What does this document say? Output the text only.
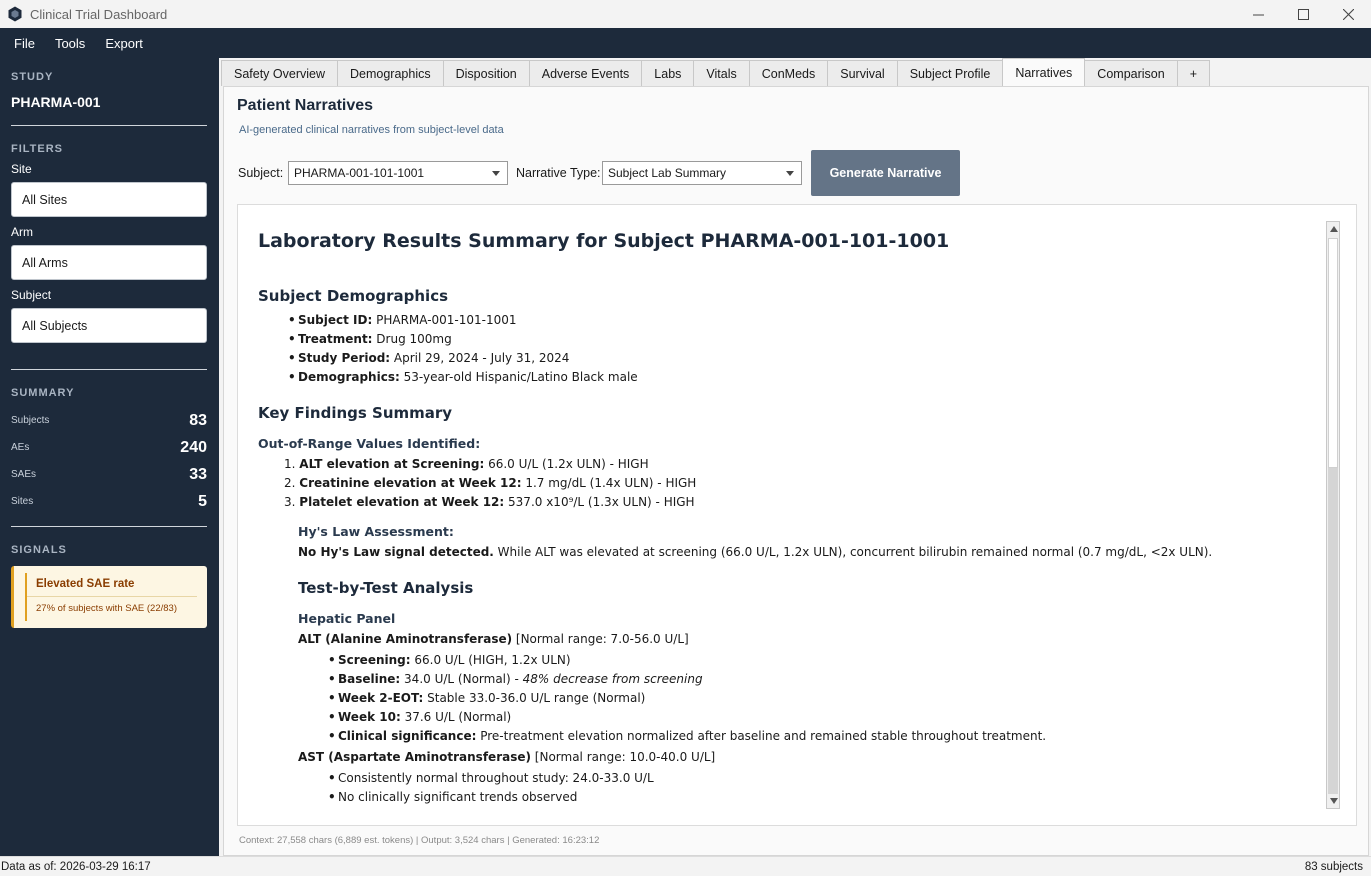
Clinical Trial Dashboard
File	Tools	Export
STUDY
PHARMA-001
FILTERS
Site
All Sites
Arm
All Arms
Subject
All Subjects
SUMMARY
Subjects	83
AEs	240
SAEs	33
Sites	5
SIGNALS
Elevated SAE rate
27% of subjects with SAE (22/83)
Safety Overview	Demographics	Disposition	Adverse Events	Labs	Vitals	ConMeds	Survival	Subject Profile	Narratives	Comparison	+
Patient Narratives
AI-generated clinical narratives from subject-level data
Subject: PHARMA-001-101-1001	Narrative Type: Subject Lab Summary	Generate Narrative
Laboratory Results Summary for Subject PHARMA-001-101-1001
Subject Demographics
• Subject ID: PHARMA-001-101-1001
• Treatment: Drug 100mg
• Study Period: April 29, 2024 - July 31, 2024
• Demographics: 53-year-old Hispanic/Latino Black male
Key Findings Summary
Out-of-Range Values Identified:
1. ALT elevation at Screening: 66.0 U/L (1.2x ULN) - HIGH
2. Creatinine elevation at Week 12: 1.7 mg/dL (1.4x ULN) - HIGH
3. Platelet elevation at Week 12: 537.0 x10⁹/L (1.3x ULN) - HIGH
Hy's Law Assessment:
No Hy's Law signal detected. While ALT was elevated at screening (66.0 U/L, 1.2x ULN), concurrent bilirubin remained normal (0.7 mg/dL, <2x ULN).
Test-by-Test Analysis
Hepatic Panel
ALT (Alanine Aminotransferase) [Normal range: 7.0-56.0 U/L]
• Screening: 66.0 U/L (HIGH, 1.2x ULN)
• Baseline: 34.0 U/L (Normal) - 48% decrease from screening
• Week 2-EOT: Stable 33.0-36.0 U/L range (Normal)
• Week 10: 37.6 U/L (Normal)
• Clinical significance: Pre-treatment elevation normalized after baseline and remained stable throughout treatment.
AST (Aspartate Aminotransferase) [Normal range: 10.0-40.0 U/L]
• Consistently normal throughout study: 24.0-33.0 U/L
• No clinically significant trends observed
Context: 27,558 chars (6,889 est. tokens) | Output: 3,524 chars | Generated: 16:23:12
Data as of: 2026-03-29 16:17	83 subjects
